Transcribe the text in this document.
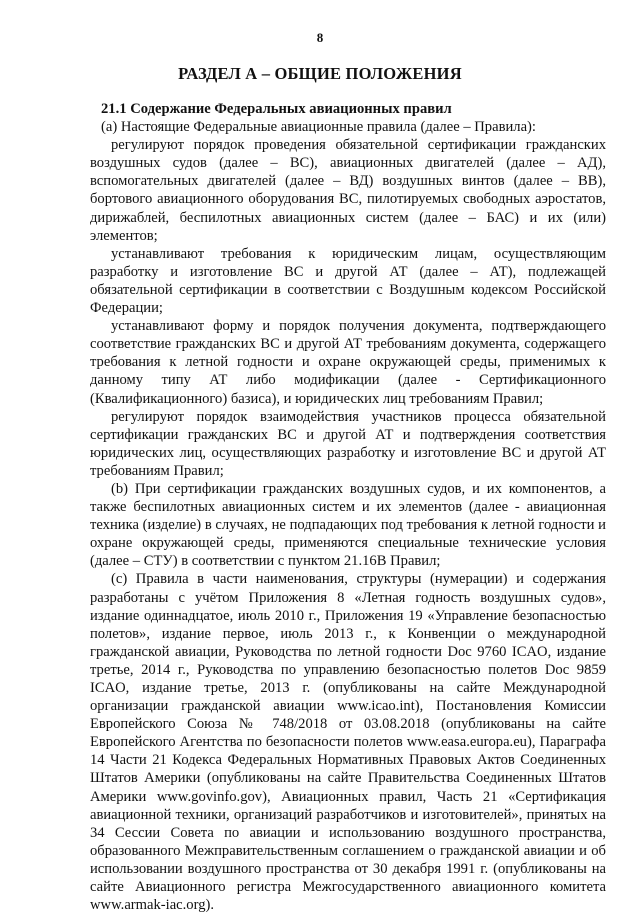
8
РАЗДЕЛ А – ОБЩИЕ ПОЛОЖЕНИЯ

21.1 Содержание Федеральных авиационных правил

(a) Настоящие Федеральные авиационные правила (далее – Правила):

регулируют порядок проведения обязательной сертификации гражданских воздушных судов (далее – ВС), авиационных двигателей (далее – АД), вспомогательных двигателей (далее – ВД) воздушных винтов (далее – ВВ), бортового авиационного оборудования ВС, пилотируемых свободных аэростатов, дирижаблей, беспилотных авиационных систем (далее – БАС) и их (или) элементов;

устанавливают требования к юридическим лицам, осуществляющим разработку и изготовление ВС и другой АТ (далее – АТ), подлежащей обязательной сертификации в соответствии с Воздушным кодексом Российской Федерации;

устанавливают форму и порядок получения документа, подтверждающего соответствие гражданских ВС и другой АТ требованиям документа, содержащего требования к летной годности и охране окружающей среды, применимых к данному типу АТ либо модификации (далее - Сертификационного (Квалификационного) базиса), и юридических лиц требованиям Правил;

регулируют порядок взаимодействия участников процесса обязательной сертификации гражданских ВС и другой АТ и подтверждения соответствия юридических лиц, осуществляющих разработку и изготовление ВС и другой АТ требованиям Правил;

(b) При сертификации гражданских воздушных судов, и их компонентов, а также беспилотных авиационных систем и их элементов (далее - авиационная техника (изделие) в случаях, не подпадающих под требования к летной годности и охране окружающей среды, применяются специальные технические условия (далее – СТУ) в соответствии с пунктом 21.16В Правил;

(c) Правила в части наименования, структуры (нумерации) и содержания разработаны с учётом Приложения 8 «Летная годность воздушных судов», издание одиннадцатое, июль 2010 г., Приложения 19 «Управление безопасностью полетов», издание первое, июль 2013 г., к Конвенции о международной гражданской авиации, Руководства по летной годности Doc 9760 ICAO, издание третье, 2014 г., Руководства по управлению безопасностью полетов Doc 9859 ICAO, издание третье, 2013 г. (опубликованы на сайте Международной организации гражданской авиации www.icao.int), Постановления Комиссии Европейского Союза № 748/2018 от 03.08.2018 (опубликованы на сайте Европейского Агентства по безопасности полетов www.easa.europa.eu), Параграфа 14 Части 21 Кодекса Федеральных Нормативных Правовых Актов Соединенных Штатов Америки (опубликованы на сайте Правительства Соединенных Штатов Америки www.govinfo.gov), Авиационных правил, Часть 21 «Сертификация авиационной техники, организаций разработчиков и изготовителей», принятых на 34 Сессии Совета по авиации и использованию воздушного пространства, образованного Межправительственным соглашением о гражданской авиации и об использовании воздушного пространства от 30 декабря 1991 г. (опубликованы на сайте Авиационного регистра Межгосударственного авиационного комитета www.armak-iac.org).
